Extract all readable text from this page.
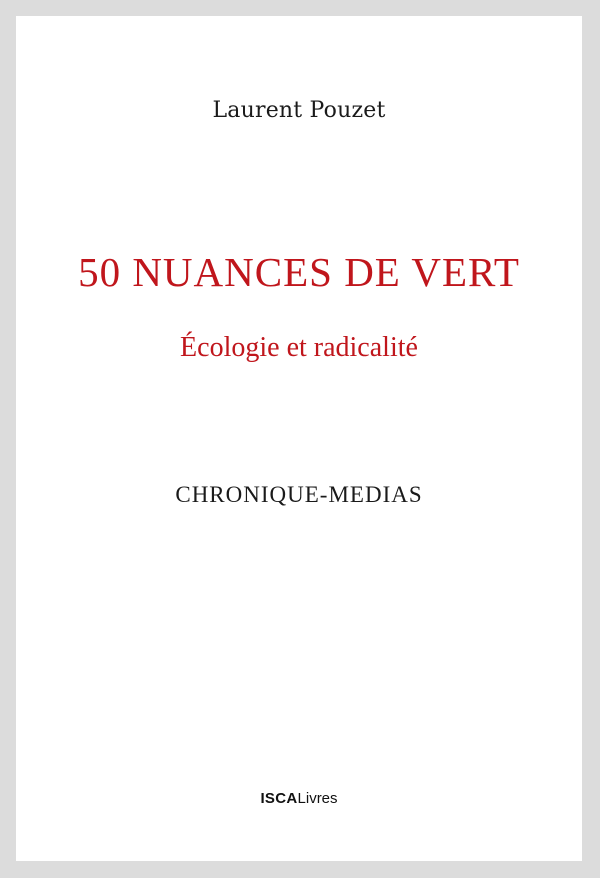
Laurent Pouzet
50 NUANCES DE VERT
Écologie et radicalité
CHRONIQUE-MEDIAS
ISCALivres
